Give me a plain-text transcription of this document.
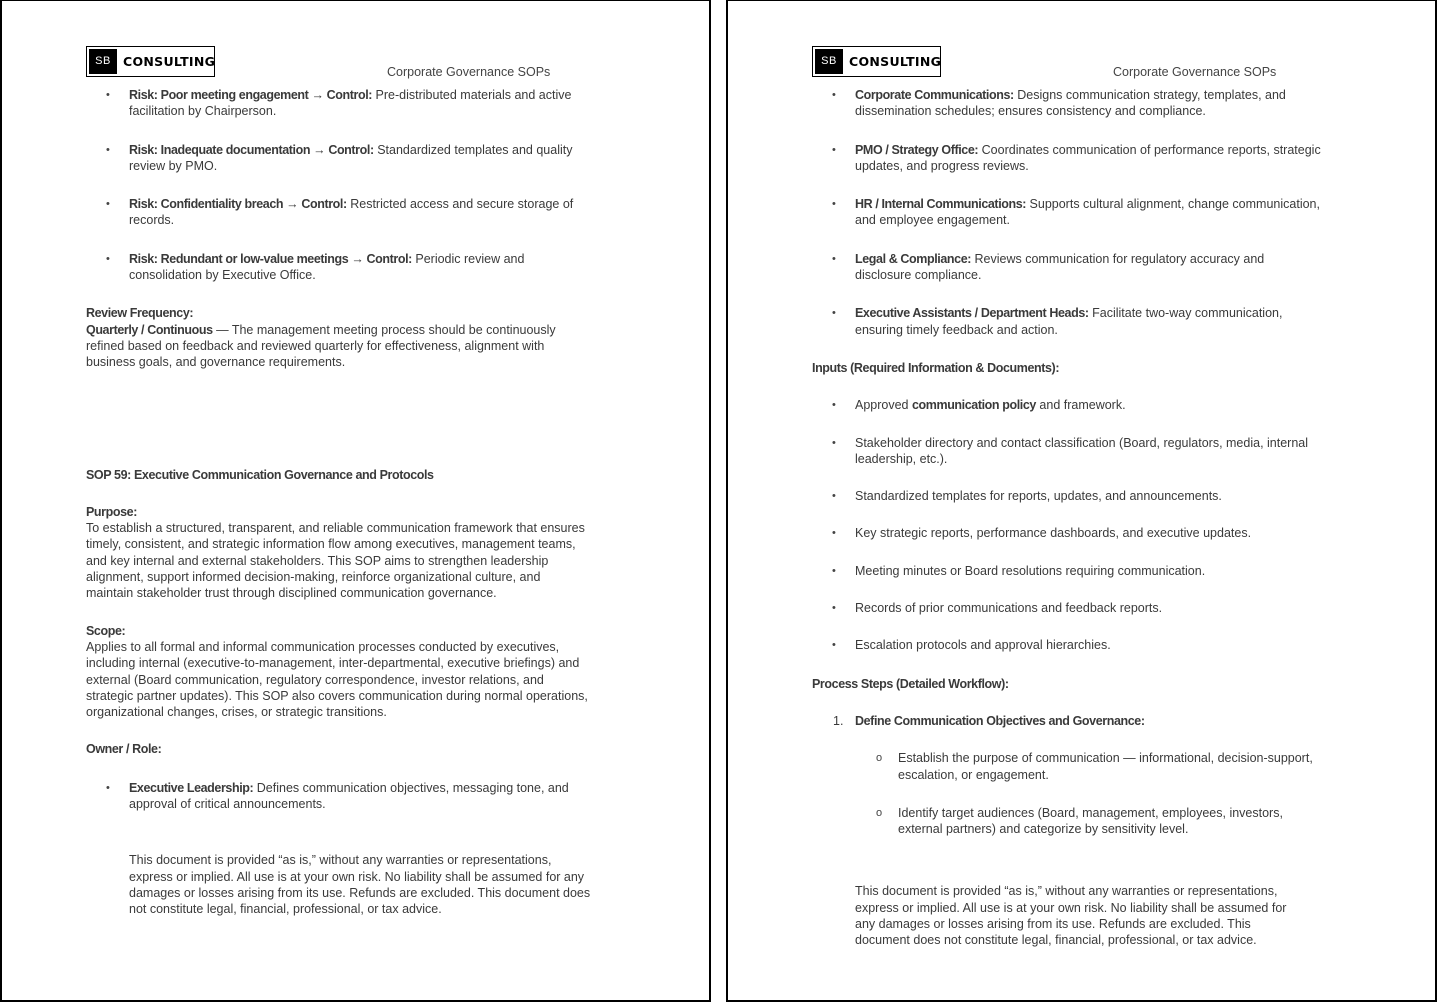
SB CONSULTING
Corporate Governance SOPs
• Risk: Poor meeting engagement → Control: Pre-distributed materials and active facilitation by Chairperson.
• Risk: Inadequate documentation → Control: Standardized templates and quality review by PMO.
• Risk: Confidentiality breach → Control: Restricted access and secure storage of records.
• Risk: Redundant or low-value meetings → Control: Periodic review and consolidation by Executive Office.

Review Frequency:

Quarterly / Continuous — The management meeting process should be continuously refined based on feedback and reviewed quarterly for effectiveness, alignment with business goals, and governance requirements.

SOP 59: Executive Communication Governance and Protocols

Purpose:

To establish a structured, transparent, and reliable communication framework that ensures timely, consistent, and strategic information flow among executives, management teams, and key internal and external stakeholders. This SOP aims to strengthen leadership alignment, support informed decision-making, reinforce organizational culture, and maintain stakeholder trust through disciplined communication governance.

Scope:

Applies to all formal and informal communication processes conducted by executives, including internal (executive-to-management, inter-departmental, executive briefings) and external (Board communication, regulatory correspondence, investor relations, and strategic partner updates). This SOP also covers communication during normal operations, organizational changes, crises, or strategic transitions.

Owner / Role:

• Executive Leadership: Defines communication objectives, messaging tone, and approval of critical announcements.

This document is provided “as is,” without any warranties or representations, express or implied. All use is at your own risk. No liability shall be assumed for any damages or losses arising from its use. Refunds are excluded. This document does not constitute legal, financial, professional, or tax advice.

SB CONSULTING
Corporate Governance SOPs
• Corporate Communications: Designs communication strategy, templates, and dissemination schedules; ensures consistency and compliance.
• PMO / Strategy Office: Coordinates communication of performance reports, strategic updates, and progress reviews.
• HR / Internal Communications: Supports cultural alignment, change communication, and employee engagement.
• Legal & Compliance: Reviews communication for regulatory accuracy and disclosure compliance.
• Executive Assistants / Department Heads: Facilitate two-way communication, ensuring timely feedback and action.

Inputs (Required Information & Documents):

• Approved communication policy and framework.
• Stakeholder directory and contact classification (Board, regulators, media, internal leadership, etc.).
• Standardized templates for reports, updates, and announcements.
• Key strategic reports, performance dashboards, and executive updates.
• Meeting minutes or Board resolutions requiring communication.
• Records of prior communications and feedback reports.
• Escalation protocols and approval hierarchies.

Process Steps (Detailed Workflow):

1. Define Communication Objectives and Governance:
o Establish the purpose of communication — informational, decision-support, escalation, or engagement.
o Identify target audiences (Board, management, employees, investors, external partners) and categorize by sensitivity level.

This document is provided “as is,” without any warranties or representations, express or implied. All use is at your own risk. No liability shall be assumed for any damages or losses arising from its use. Refunds are excluded. This document does not constitute legal, financial, professional, or tax advice.
